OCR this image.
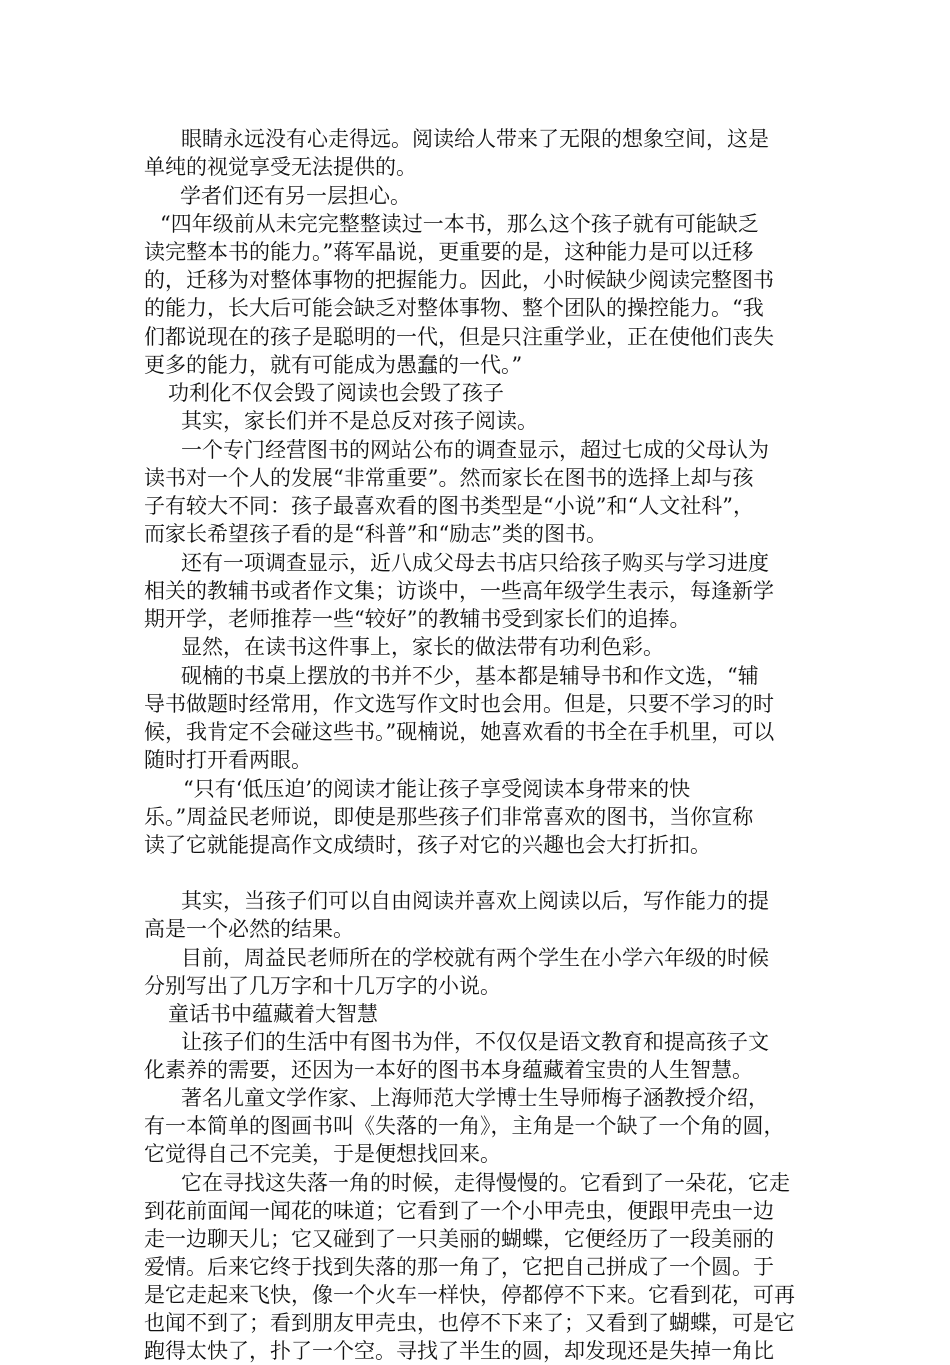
眼睛永远没有心走得远。阅读给人带来了无限的想象空间，这是
单纯的视觉享受无法提供的。
学者们还有另一层担心。
“四年级前从未完完整整读过一本书，那么这个孩子就有可能缺乏
读完整本书的能力。”蒋军晶说，更重要的是，这种能力是可以迁移
的，迁移为对整体事物的把握能力。因此，小时候缺少阅读完整图书
的能力，长大后可能会缺乏对整体事物、整个团队的操控能力。“我
们都说现在的孩子是聪明的一代，但是只注重学业，正在使他们丧失
更多的能力，就有可能成为愚蠢的一代。”
功利化不仅会毁了阅读也会毁了孩子
其实，家长们并不是总反对孩子阅读。
一个专门经营图书的网站公布的调查显示，超过七成的父母认为
读书对一个人的发展“非常重要”。然而家长在图书的选择上却与孩
子有较大不同：孩子最喜欢看的图书类型是“小说”和“人文社科”，
而家长希望孩子看的是“科普”和“励志”类的图书。
还有一项调查显示，近八成父母去书店只给孩子购买与学习进度
相关的教辅书或者作文集；访谈中，一些高年级学生表示，每逢新学
期开学，老师推荐一些“较好”的教辅书受到家长们的追捧。
显然，在读书这件事上，家长的做法带有功利色彩。
砚楠的书桌上摆放的书并不少，基本都是辅导书和作文选，“辅
导书做题时经常用，作文选写作文时也会用。但是，只要不学习的时
候，我肯定不会碰这些书。”砚楠说，她喜欢看的书全在手机里，可以
随时打开看两眼。
“只有‘低压迫’的阅读才能让孩子享受阅读本身带来的快
乐。”周益民老师说，即使是那些孩子们非常喜欢的图书，当你宣称
读了它就能提高作文成绩时，孩子对它的兴趣也会大打折扣。
其实，当孩子们可以自由阅读并喜欢上阅读以后，写作能力的提
高是一个必然的结果。
目前，周益民老师所在的学校就有两个学生在小学六年级的时候
分别写出了几万字和十几万字的小说。
童话书中蕴藏着大智慧
让孩子们的生活中有图书为伴，不仅仅是语文教育和提高孩子文
化素养的需要，还因为一本好的图书本身蕴藏着宝贵的人生智慧。
著名儿童文学作家、上海师范大学博士生导师梅子涵教授介绍，
有一本简单的图画书叫《失落的一角》，主角是一个缺了一个角的圆，
它觉得自己不完美，于是便想找回来。
它在寻找这失落一角的时候，走得慢慢的。它看到了一朵花，它走
到花前面闻一闻花的味道；它看到了一个小甲壳虫，便跟甲壳虫一边
走一边聊天儿；它又碰到了一只美丽的蝴蝶，它便经历了一段美丽的
爱情。后来它终于找到失落的那一角了，它把自己拼成了一个圆。于
是它走起来飞快，像一个火车一样快，停都停不下来。它看到花，可再
也闻不到了；看到朋友甲壳虫，也停不下来了；又看到了蝴蝶，可是它
跑得太快了，扑了一个空。寻找了半生的圆，却发现还是失掉一角比
